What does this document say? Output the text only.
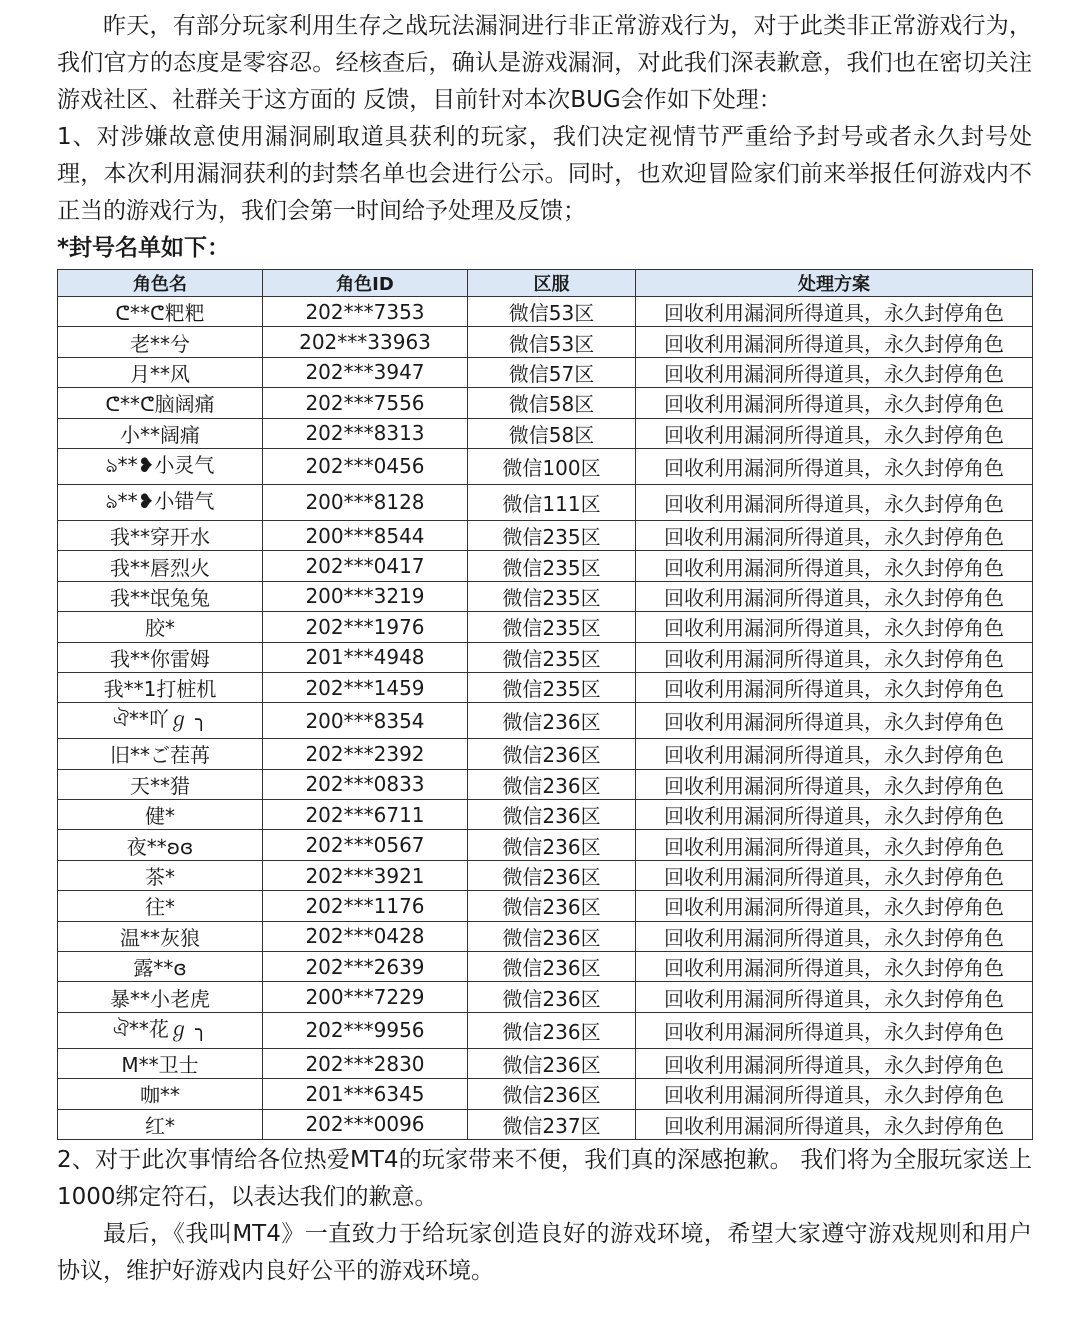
昨天，有部分玩家利用生存之战玩法漏洞进行非正常游戏行为，对于此类非正常游戏行为，我们官方的态度是零容忍。经核查后，确认是游戏漏洞，对此我们深表歉意，我们也在密切关注游戏社区、社群关于这方面的 反馈，目前针对本次BUG会作如下处理：

1、对涉嫌故意使用漏洞刷取道具获利的玩家，我们决定视情节严重给予封号或者永久封号处理，本次利用漏洞获利的封禁名单也会进行公示。同时，也欢迎冒险家们前来举报任何游戏内不正当的游戏行为，我们会第一时间给予处理及反馈；

*封号名单如下：

角色名	角色ID	区服	处理方案
ᕦ**ᕦ粑粑	202***7353	微信53区	回收利用漏洞所得道具，永久封停角色
老**兮	202***33963	微信53区	回收利用漏洞所得道具，永久封停角色
月**风	202***3947	微信57区	回收利用漏洞所得道具，永久封停角色
ᕦ**ᕦ脑阔痛	202***7556	微信58区	回收利用漏洞所得道具，永久封停角色
小**阔痛	202***8313	微信58区	回收利用漏洞所得道具，永久封停角色
ঌ**❥小灵气	202***0456	微信100区	回收利用漏洞所得道具，永久封停角色
ঌ**❥小错气	200***8128	微信111区	回收利用漏洞所得道具，永久封停角色
我**穿开水	200***8544	微信235区	回收利用漏洞所得道具，永久封停角色
我**唇烈火	202***0417	微信235区	回收利用漏洞所得道具，永久封停角色
我**氓兔兔	200***3219	微信235区	回收利用漏洞所得道具，永久封停角色
胶*	202***1976	微信235区	回收利用漏洞所得道具，永久封停角色
我**你雷姆	201***4948	微信235区	回收利用漏洞所得道具，永久封停角色
我**1打桩机	202***1459	微信235区	回收利用漏洞所得道具，永久封停角色
ঐ**吖ℊ ╮	200***8354	微信236区	回收利用漏洞所得道具，永久封停角色
旧**ご茬苒	202***2392	微信236区	回收利用漏洞所得道具，永久封停角色
天**猎	202***0833	微信236区	回收利用漏洞所得道具，永久封停角色
健*	202***6711	微信236区	回收利用漏洞所得道具，永久封停角色
夜**ʚɞ	202***0567	微信236区	回收利用漏洞所得道具，永久封停角色
茶*	202***3921	微信236区	回收利用漏洞所得道具，永久封停角色
往*	202***1176	微信236区	回收利用漏洞所得道具，永久封停角色
温**灰狼	202***0428	微信236区	回收利用漏洞所得道具，永久封停角色
露**ɞ	202***2639	微信236区	回收利用漏洞所得道具，永久封停角色
暴**小老虎	200***7229	微信236区	回收利用漏洞所得道具，永久封停角色
ঐ**花ℊ ╮	202***9956	微信236区	回收利用漏洞所得道具，永久封停角色
M**卫士	202***2830	微信236区	回收利用漏洞所得道具，永久封停角色
咖**	201***6345	微信236区	回收利用漏洞所得道具，永久封停角色
红*	202***0096	微信237区	回收利用漏洞所得道具，永久封停角色

2、对于此次事情给各位热爱MT4的玩家带来不便，我们真的深感抱歉。 我们将为全服玩家送上1000绑定符石，以表达我们的歉意。

最后，《我叫MT4》一直致力于给玩家创造良好的游戏环境，希望大家遵守游戏规则和用户协议，维护好游戏内良好公平的游戏环境。
